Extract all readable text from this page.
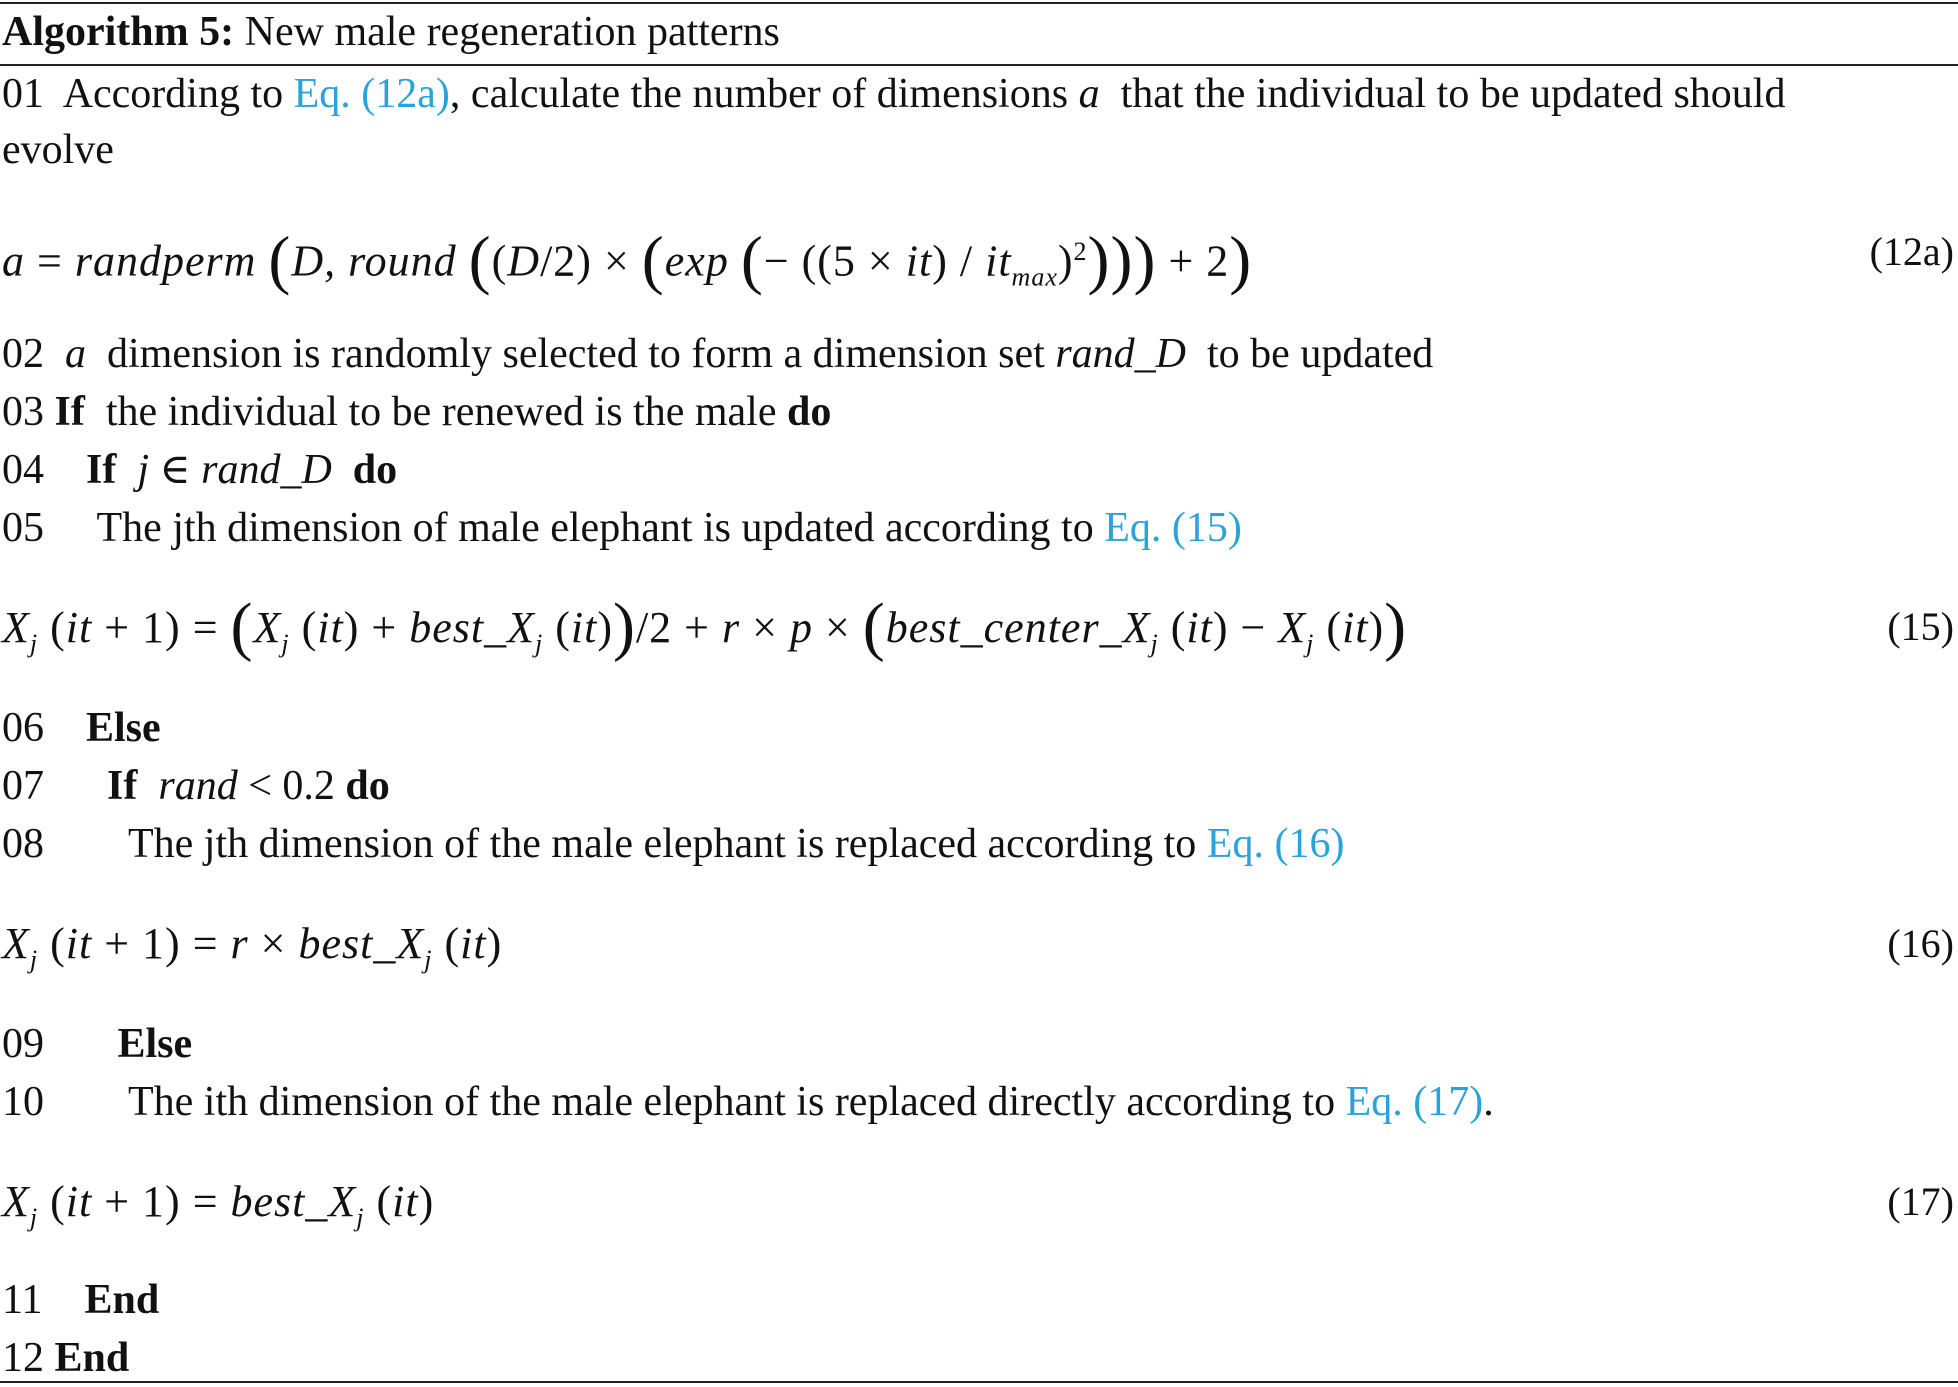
Algorithm 5: New male regeneration patterns
01 According to Eq. (12a), calculate the number of dimensions a  that the individual to be updated should
evolve
a = randperm (D, round ((D/2) × (exp (− $((5 \times it) / it_{max})^2))) + 2$)	(12a)
02 a  dimension is randomly selected to form a dimension set rand_D  to be updated
03 If  the individual to be renewed is the male do
04 If j ∈ rand_D do
05 The jth dimension of male elephant is updated according to Eq. (15)
$X_j$ $(it + 1) = (X_j$ $(it) + best\_X_j$ $(it))/2 + r \times p \times (best\_center\_X_j$ $(it) - X_j$ (it))	(15)
06 Else
07 If rand < 0.2 do
08 The jth dimension of the male elephant is replaced according to Eq. (16)
$X_j$ $(it + 1) = r \times best\_X_j$ (it)	(16)
09 Else
10 The ith dimension of the male elephant is replaced directly according to Eq. (17).
$X_j$ $(it + 1) = best\_X_j$ (it)	(17)
11 End
12 End
